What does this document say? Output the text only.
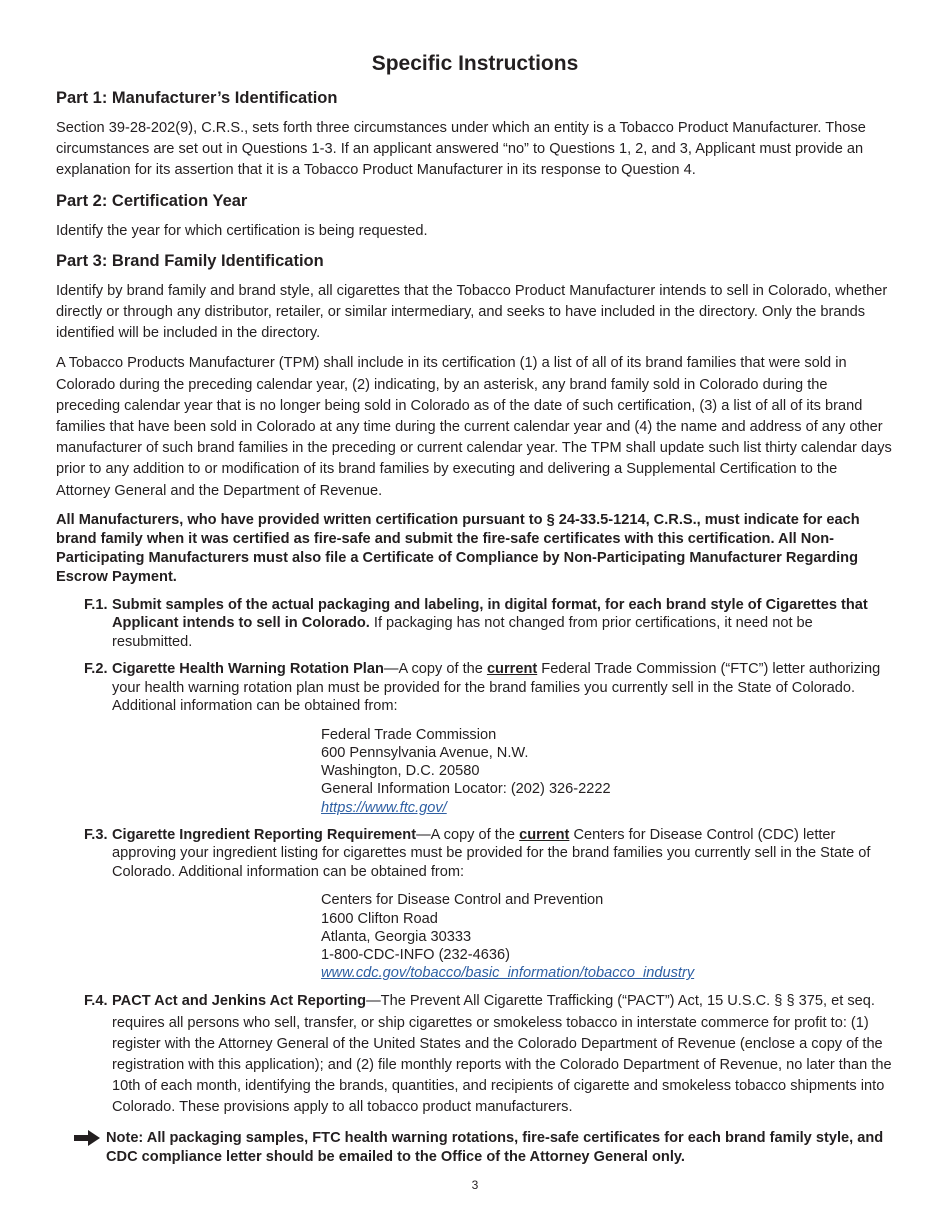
Specific Instructions
Part 1: Manufacturer’s Identification

Section 39-28-202(9), C.R.S., sets forth three circumstances under which an entity is a Tobacco Product Manufacturer. Those circumstances are set out in Questions 1-3. If an applicant answered “no” to Questions 1, 2, and 3, Applicant must provide an explanation for its assertion that it is a Tobacco Product Manufacturer in its response to Question 4.

Part 2: Certification Year

Identify the year for which certification is being requested.

Part 3: Brand Family Identification

Identify by brand family and brand style, all cigarettes that the Tobacco Product Manufacturer intends to sell in Colorado, whether directly or through any distributor, retailer, or similar intermediary, and seeks to have included in the directory. Only the brands identified will be included in the directory.

A Tobacco Products Manufacturer (TPM) shall include in its certification (1) a list of all of its brand families that were sold in Colorado during the preceding calendar year, (2) indicating, by an asterisk, any brand family sold in Colorado during the preceding calendar year that is no longer being sold in Colorado as of the date of such certification, (3) a list of all of its brand families that have been sold in Colorado at any time during the current calendar year and (4) the name and address of any other manufacturer of such brand families in the preceding or current calendar year. The TPM shall update such list thirty calendar days prior to any addition to or modification of its brand families by executing and delivering a Supplemental Certification to the Attorney General and the Department of Revenue.

All Manufacturers, who have provided written certification pursuant to § 24-33.5-1214, C.R.S., must indicate for each brand family when it was certified as fire-safe and submit the fire-safe certificates with this certification. All Non-Participating Manufacturers must also file a Certificate of Compliance by Non-Participating Manufacturer Regarding Escrow Payment.

F.1. Submit samples of the actual packaging and labeling, in digital format, for each brand style of Cigarettes that Applicant intends to sell in Colorado. If packaging has not changed from prior certifications, it need not be resubmitted.
F.2. Cigarette Health Warning Rotation Plan—A copy of the current Federal Trade Commission (“FTC”) letter authorizing your health warning rotation plan must be provided for the brand families you currently sell in the State of Colorado. Additional information can be obtained from:
Federal Trade Commission
600 Pennsylvania Avenue, N.W.
Washington, D.C. 20580
General Information Locator: (202) 326-2222
https://www.ftc.gov/
F.3. Cigarette Ingredient Reporting Requirement—A copy of the current Centers for Disease Control (CDC) letter approving your ingredient listing for cigarettes must be provided for the brand families you currently sell in the State of Colorado. Additional information can be obtained from:
Centers for Disease Control and Prevention
1600 Clifton Road
Atlanta, Georgia 30333
1-800-CDC-INFO (232-4636)
www.cdc.gov/tobacco/basic_information/tobacco_industry
F.4. PACT Act and Jenkins Act Reporting—The Prevent All Cigarette Trafficking (“PACT”) Act, 15 U.S.C. § § 375, et seq. requires all persons who sell, transfer, or ship cigarettes or smokeless tobacco in interstate commerce for profit to: (1) register with the Attorney General of the United States and the Colorado Department of Revenue (enclose a copy of the registration with this application); and (2) file monthly reports with the Colorado Department of Revenue, no later than the 10th of each month, identifying the brands, quantities, and recipients of cigarette and smokeless tobacco shipments into Colorado. These provisions apply to all tobacco product manufacturers.
Note: All packaging samples, FTC health warning rotations, fire-safe certificates for each brand family style, and CDC compliance letter should be emailed to the Office of the Attorney General only.
3
